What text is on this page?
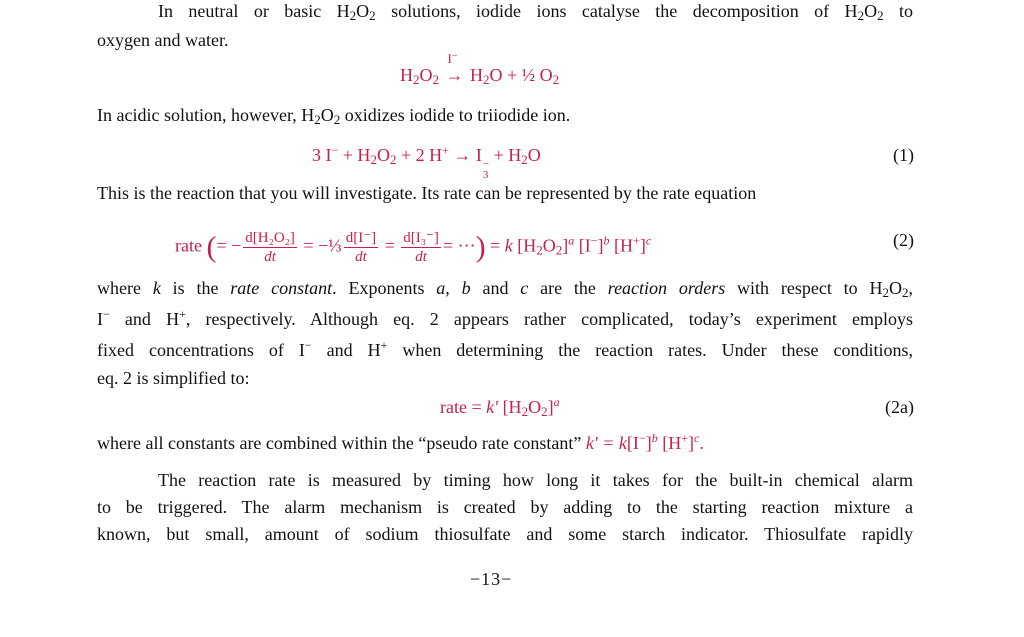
In neutral or basic $H_2O_2$ solutions, iodide ions catalyse the decomposition of $H_2O_2$ to
oxygen and water.
$H_2O_2$
I−
→ $H_2O$ + ½ $O_2$
In acidic solution, however, $H_2O_2$ oxidizes iodide to triiodide ion.
3 $I^- + H_2O_2 + 2$ H+ → I −
3
+ $H_2O$	(1)
This is the reaction that you will investigate. Its rate can be represented by the rate equation
rate (= − $\frac{\text{d[H₂O₂]}}{dt}$ = −⅓ $\frac{d[I^-]}{dt} = \frac{\text{d[I₃⁻]}}{dt}$ = ⋯) = k $[H_2O_2]^a$ $[I^-]^b$ $[H^+]^c$	(2)
where k is the rate constant. Exponents a, b and c are the reaction orders with respect to $H_2O_2$,
I− and H+, respectively. Although eq. 2 appears rather complicated, today’s experiment employs
fixed concentrations of I− and H+ when determining the reaction rates. Under these conditions,
eq. 2 is simplified to:
rate = k′ $[H_2O_2]^a$	(2a)
where all constants are combined within the “pseudo rate constant” $k' = k[I^-]^b$ $[H^+]^c$.
The reaction rate is measured by timing how long it takes for the built-in chemical alarm
to be triggered. The alarm mechanism is created by adding to the starting reaction mixture a
known, but small, amount of sodium thiosulfate and some starch indicator. Thiosulfate rapidly
−13−
